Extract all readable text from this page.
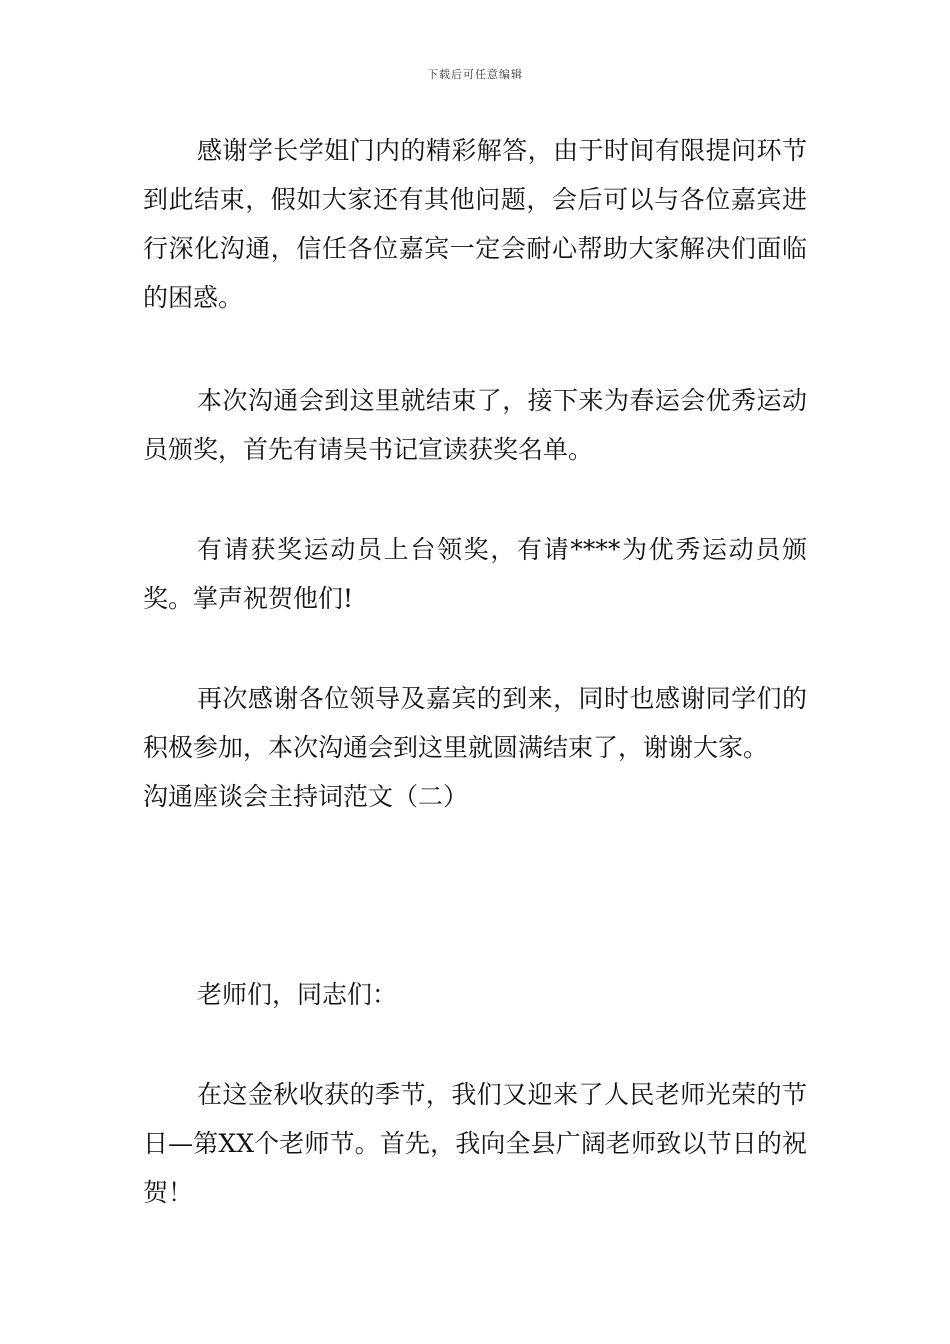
下载后可任意编辑

感谢学长学姐门内的精彩解答，由于时间有限提问环节到此结束，假如大家还有其他问题，会后可以与各位嘉宾进行深化沟通，信任各位嘉宾一定会耐心帮助大家解决们面临的困惑。

本次沟通会到这里就结束了，接下来为春运会优秀运动员颁奖，首先有请吴书记宣读获奖名单。

有请获奖运动员上台领奖，有请****为优秀运动员颁奖。掌声祝贺他们!

再次感谢各位领导及嘉宾的到来，同时也感谢同学们的积极参加，本次沟通会到这里就圆满结束了，谢谢大家。

沟通座谈会主持词范文（二）

老师们，同志们：

在这金秋收获的季节，我们又迎来了人民老师光荣的节日—第XX个老师节。首先，我向全县广阔老师致以节日的祝贺！
